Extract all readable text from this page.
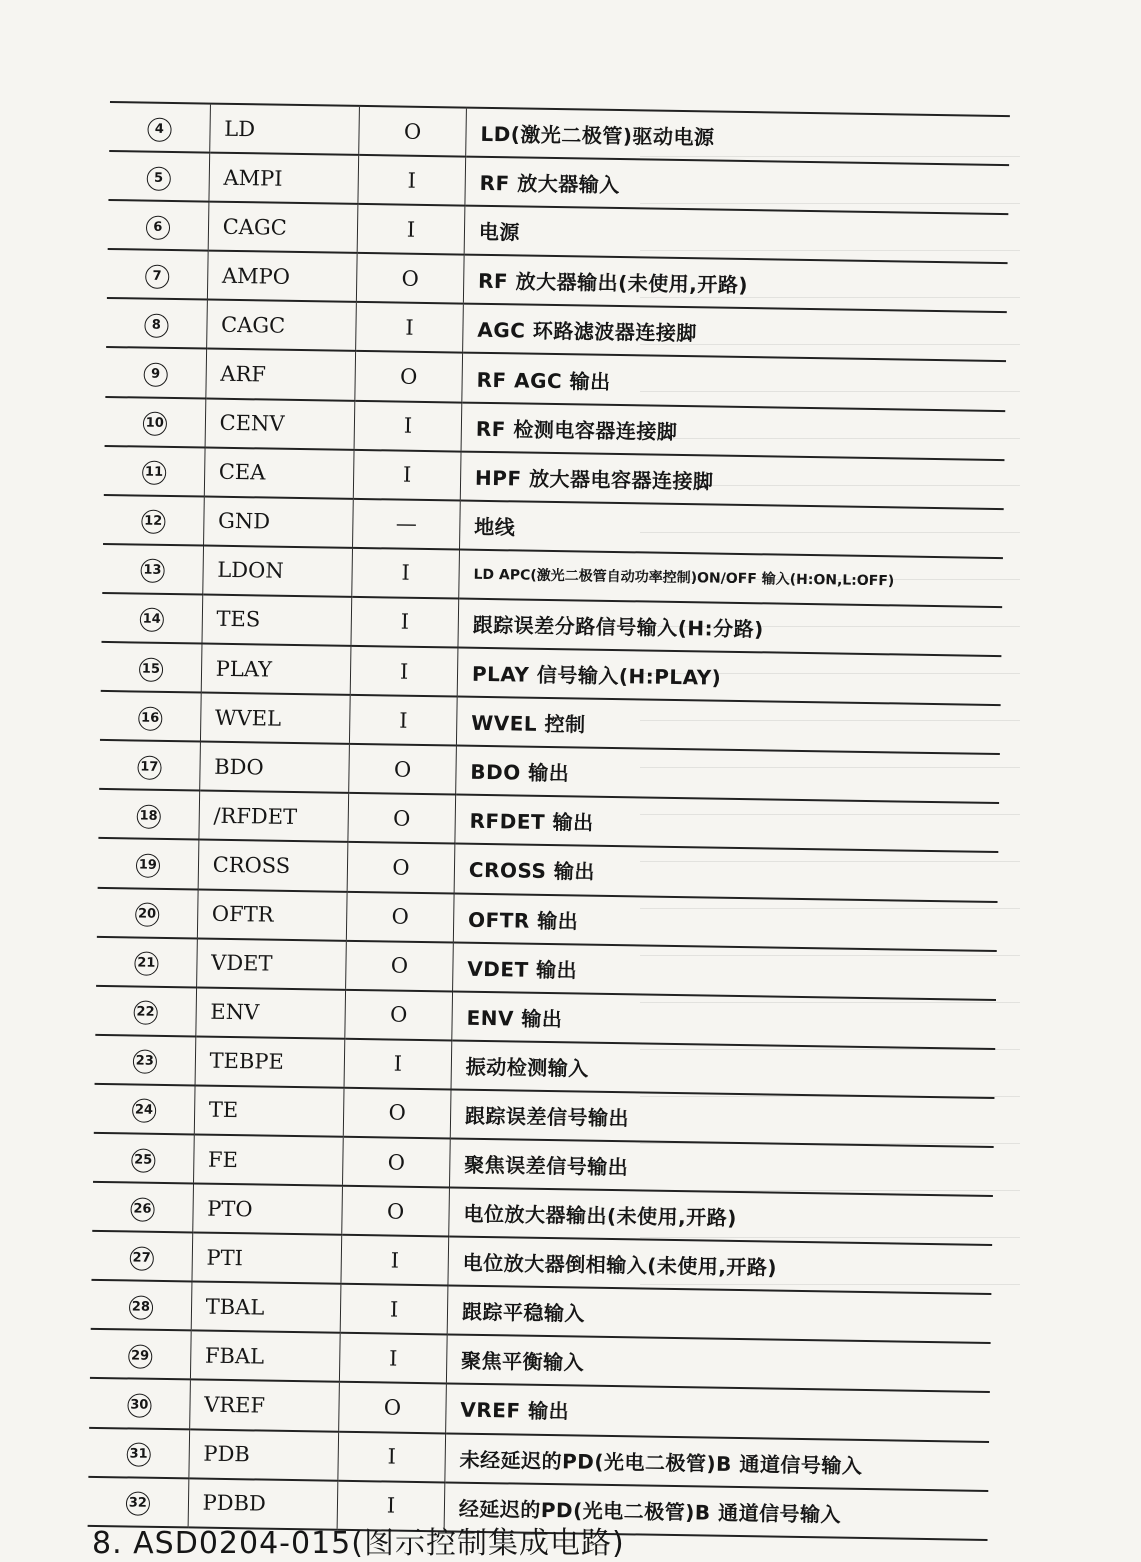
4	LD	O	LD(激光二极管)驱动电源
5	AMPI	I	RF 放大器输入
6	CAGC	I	电源
7	AMPO	O	RF 放大器输出(未使用,开路)
8	CAGC	I	AGC 环路滤波器连接脚
9	ARF	O	RF AGC 输出
10	CENV	I	RF 检测电容器连接脚
11	CEA	I	HPF 放大器电容器连接脚
12	GND	—	地线
13	LDON	I	LD APC(激光二极管自动功率控制)ON/OFF 输入(H:ON,L:OFF)
14	TES	I	跟踪误差分路信号输入(H:分路)
15	PLAY	I	PLAY 信号输入(H:PLAY)
16	WVEL	I	WVEL 控制
17	BDO	O	BDO 输出
18	/RFDET	O	RFDET 输出
19	CROSS	O	CROSS 输出
20	OFTR	O	OFTR 输出
21	VDET	O	VDET 输出
22	ENV	O	ENV 输出
23	TEBPE	I	振动检测输入
24	TE	O	跟踪误差信号输出
25	FE	O	聚焦误差信号输出
26	PTO	O	电位放大器输出(未使用,开路)
27	PTI	I	电位放大器倒相输入(未使用,开路)
28	TBAL	I	跟踪平稳输入
29	FBAL	I	聚焦平衡输入
30	VREF	O	VREF 输出
31	PDB	I	未经延迟的PD(光电二极管)B 通道信号输入
32	PDBD	I	经延迟的PD(光电二极管)B 通道信号输入
8. ASD0204-015(图示控制集成电路)
